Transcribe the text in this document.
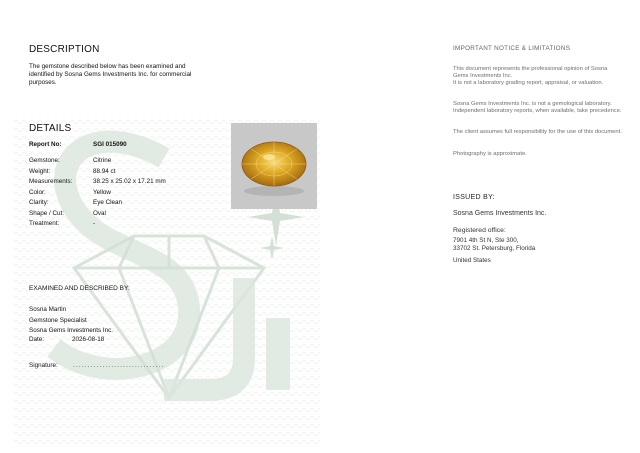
DESCRIPTION
The gemstone described below has been examined and identified by Sosna Gems Investments Inc. for commercial purposes.
DETAILS
Report No:	SGI 015090
Gemstone:	Citrine
Weight:	88.94 ct
Measurements:	38.25 x 25.02 x 17.21 mm
Color:	Yellow
Clarity:	Eye Clean
Shape / Cut:	Oval
Treatment:	-
EXAMINED AND DESCRIBED BY:
Sosna Martin
Gemstone Specialist
Sosna Gems Investments Inc.
Date:	2026-08-18
Signature: ...............................
IMPORTANT NOTICE & LIMITATIONS
This document represents the professional opinion of Sosna Gems Investments Inc.
It is not a laboratory grading report, appraisal, or valuation.
Sosna Gems Investments Inc. is not a gemological laboratory. Independent laboratory reports, when available, take precedence.
The client assumes full responsibility for the use of this document.
Photography is approximate.
ISSUED BY:
Sosna Gems Investments Inc.
Registered office:
7901 4th St N, Ste 300,
33702 St. Petersburg, Florida
United States
